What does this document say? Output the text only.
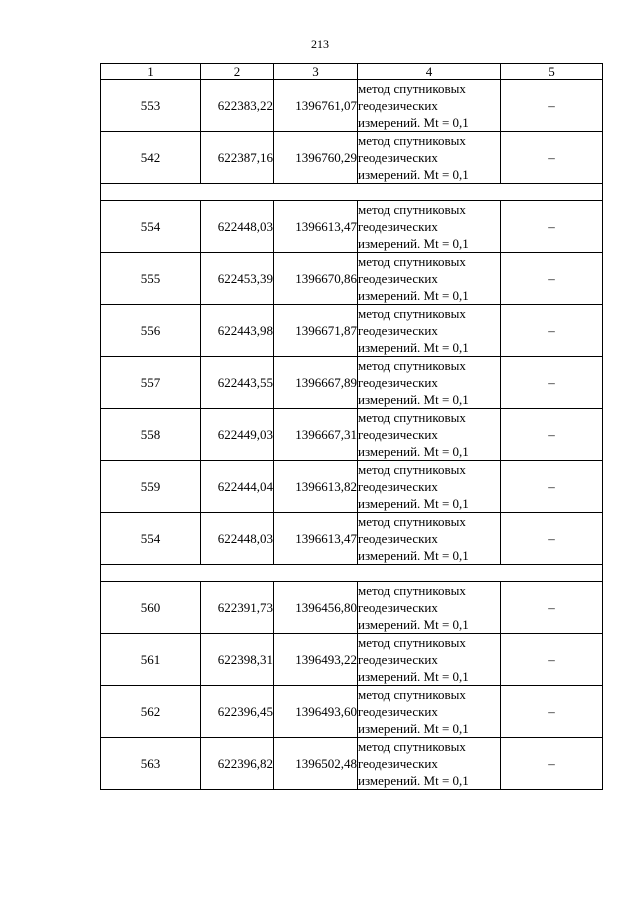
213
1	2	3	4	5
553	622383,22	1396761,07	метод спутниковых
геодезических
измерений. Mt = 0,1	–
542	622387,16	1396760,29	метод спутниковых
геодезических
измерений. Mt = 0,1	–

554	622448,03	1396613,47	метод спутниковых
геодезических
измерений. Mt = 0,1	–
555	622453,39	1396670,86	метод спутниковых
геодезических
измерений. Mt = 0,1	–
556	622443,98	1396671,87	метод спутниковых
геодезических
измерений. Mt = 0,1	–
557	622443,55	1396667,89	метод спутниковых
геодезических
измерений. Mt = 0,1	–
558	622449,03	1396667,31	метод спутниковых
геодезических
измерений. Mt = 0,1	–
559	622444,04	1396613,82	метод спутниковых
геодезических
измерений. Mt = 0,1	–
554	622448,03	1396613,47	метод спутниковых
геодезических
измерений. Mt = 0,1	–

560	622391,73	1396456,80	метод спутниковых
геодезических
измерений. Mt = 0,1	–
561	622398,31	1396493,22	метод спутниковых
геодезических
измерений. Mt = 0,1	–
562	622396,45	1396493,60	метод спутниковых
геодезических
измерений. Mt = 0,1	–
563	622396,82	1396502,48	метод спутниковых
геодезических
измерений. Mt = 0,1	–
